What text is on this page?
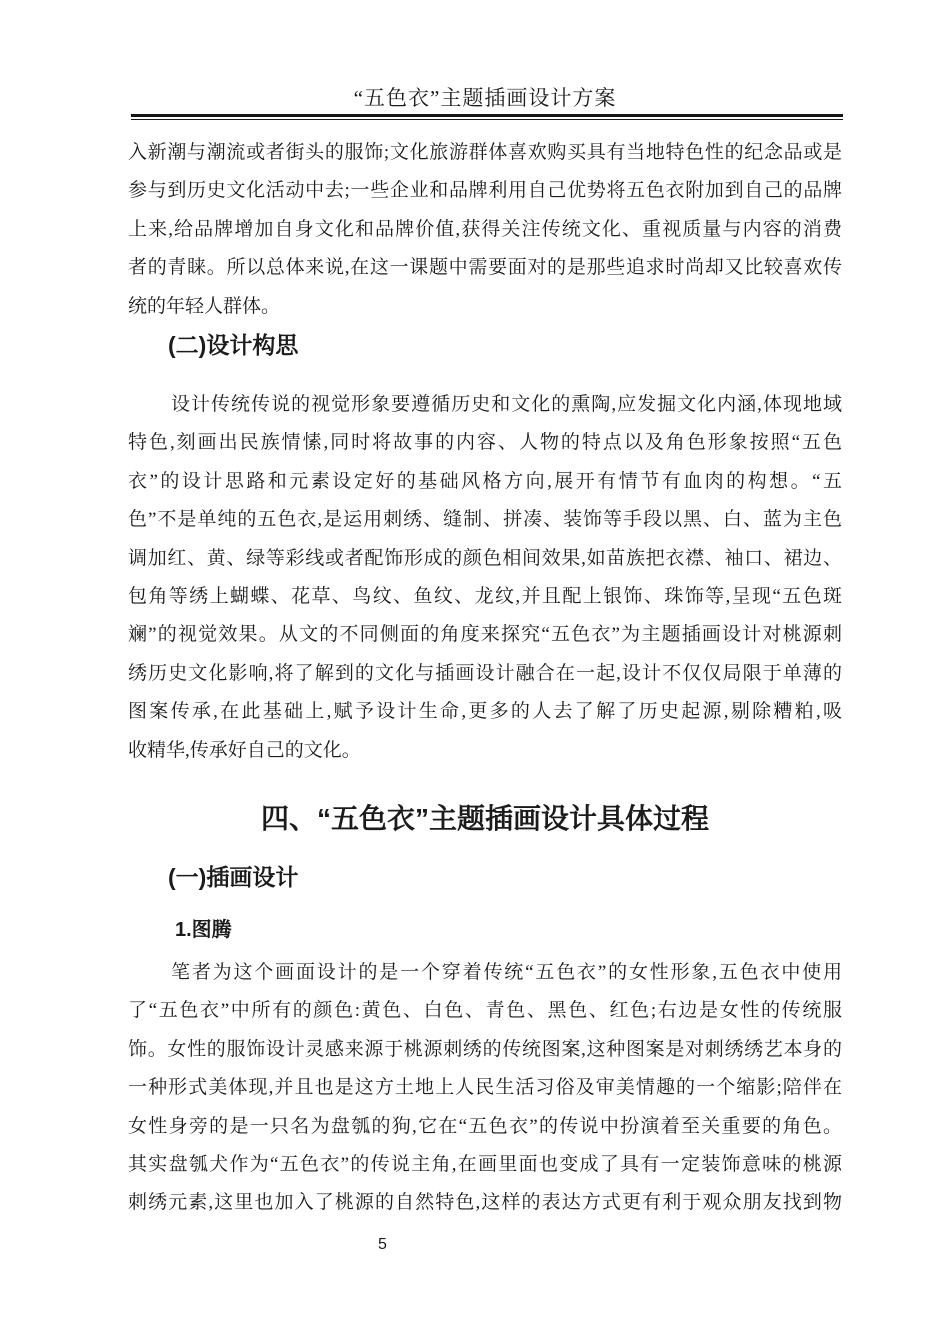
“五色衣”主题插画设计方案
入新潮与潮流或者街头的服饰;文化旅游群体喜欢购买具有当地特色性的纪念品或是
参与到历史文化活动中去;一些企业和品牌利用自己优势将五色衣附加到自己的品牌
上来,给品牌增加自身文化和品牌价值,获得关注传统文化、重视质量与内容的消费
者的青睐。所以总体来说,在这一课题中需要面对的是那些追求时尚却又比较喜欢传
统的年轻人群体。
(二)设计构思
设计传统传说的视觉形象要遵循历史和文化的熏陶,应发掘文化内涵,体现地域
特色,刻画出民族情愫,同时将故事的内容、人物的特点以及角色形象按照“五色
衣”的设计思路和元素设定好的基础风格方向,展开有情节有血肉的构想。“五
色”不是单纯的五色衣,是运用刺绣、缝制、拼凑、装饰等手段以黑、白、蓝为主色
调加红、黄、绿等彩线或者配饰形成的颜色相间效果,如苗族把衣襟、袖口、裙边、
包角等绣上蝴蝶、花草、鸟纹、鱼纹、龙纹,并且配上银饰、珠饰等,呈现“五色斑
斓”的视觉效果。从文的不同侧面的角度来探究“五色衣”为主题插画设计对桃源刺
绣历史文化影响,将了解到的文化与插画设计融合在一起,设计不仅仅局限于单薄的
图案传承,在此基础上,赋予设计生命,更多的人去了解了历史起源,剔除糟粕,吸
收精华,传承好自己的文化。
四、“五色衣”主题插画设计具体过程
(一)插画设计
1.图腾
笔者为这个画面设计的是一个穿着传统“五色衣”的女性形象,五色衣中使用
了“五色衣”中所有的颜色:黄色、白色、青色、黑色、红色;右边是女性的传统服
饰。女性的服饰设计灵感来源于桃源刺绣的传统图案,这种图案是对刺绣绣艺本身的
一种形式美体现,并且也是这方土地上人民生活习俗及审美情趣的一个缩影;陪伴在
女性身旁的是一只名为盘瓠的狗,它在“五色衣”的传说中扮演着至关重要的角色。
其实盘瓠犬作为“五色衣”的传说主角,在画里面也变成了具有一定装饰意味的桃源
刺绣元素,这里也加入了桃源的自然特色,这样的表达方式更有利于观众朋友找到物
5
